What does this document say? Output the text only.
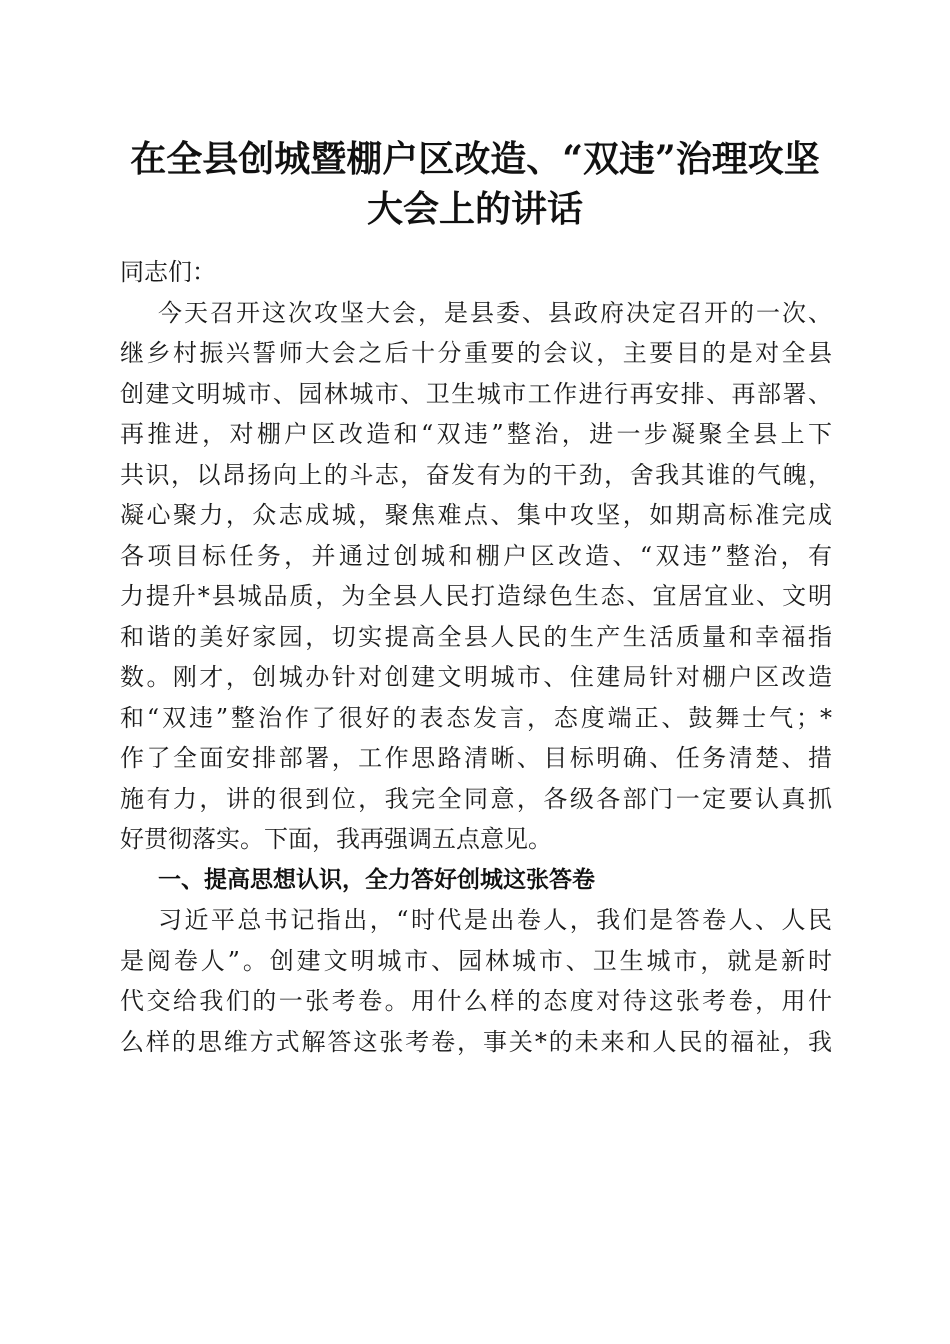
在全县创城暨棚户区改造、“双违”治理攻坚
大会上的讲话
同志们：
今天召开这次攻坚大会，是县委、县政府决定召开的一次、
继乡村振兴誓师大会之后十分重要的会议，主要目的是对全县
创建文明城市、园林城市、卫生城市工作进行再安排、再部署、
再推进，对棚户区改造和“双违”整治，进一步凝聚全县上下
共识，以昂扬向上的斗志，奋发有为的干劲，舍我其谁的气魄，
凝心聚力，众志成城，聚焦难点、集中攻坚，如期高标准完成
各项目标任务，并通过创城和棚户区改造、“双违”整治，有
力提升*县城品质，为全县人民打造绿色生态、宜居宜业、文明
和谐的美好家园，切实提高全县人民的生产生活质量和幸福指
数。刚才，创城办针对创建文明城市、住建局针对棚户区改造
和“双违”整治作了很好的表态发言，态度端正、鼓舞士气；*
作了全面安排部署，工作思路清晰、目标明确、任务清楚、措
施有力，讲的很到位，我完全同意，各级各部门一定要认真抓
好贯彻落实。下面，我再强调五点意见。
一、提高思想认识，全力答好创城这张答卷
习近平总书记指出，“时代是出卷人，我们是答卷人、人民
是阅卷人”。创建文明城市、园林城市、卫生城市，就是新时
代交给我们的一张考卷。用什么样的态度对待这张考卷，用什
么样的思维方式解答这张考卷，事关*的未来和人民的福祉，我
